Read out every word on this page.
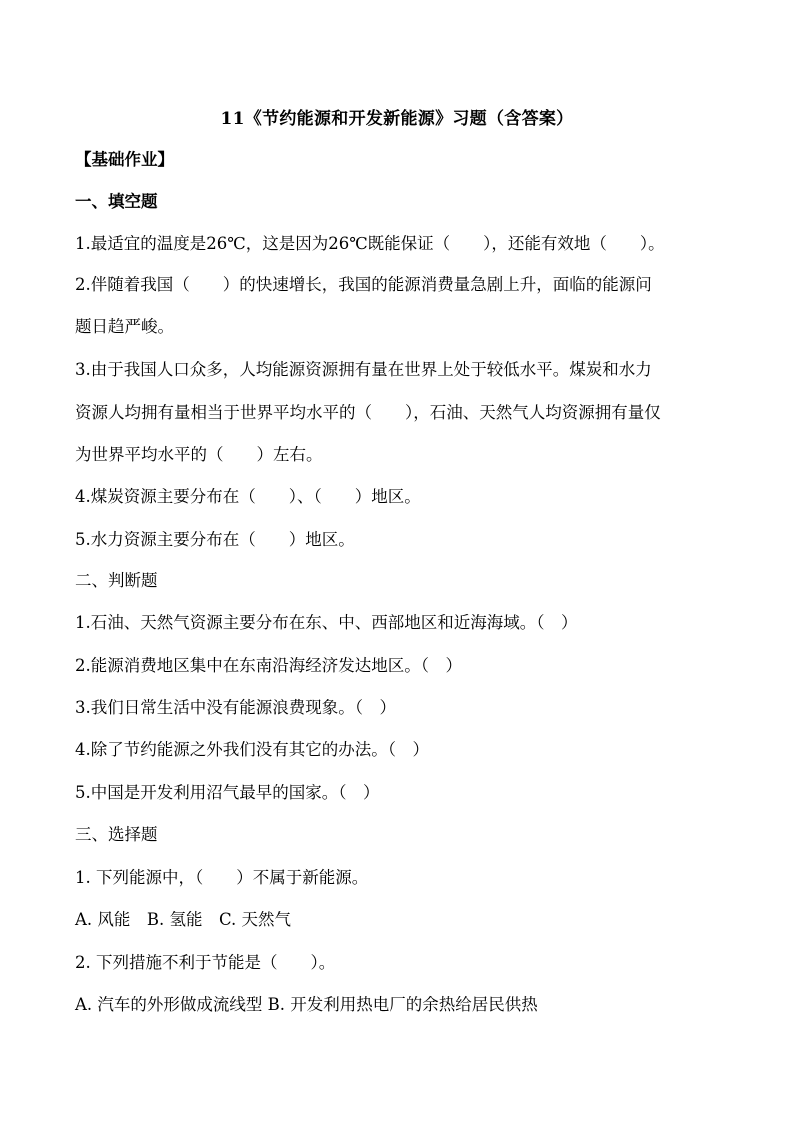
11《节约能源和开发新能源》习题（含答案）
【基础作业】
一、填空题
1.最适宜的温度是26℃，这是因为26℃既能保证（　　），还能有效地（　　）。
2.伴随着我国（　　）的快速增长，我国的能源消费量急剧上升，面临的能源问
题日趋严峻。
3.由于我国人口众多，人均能源资源拥有量在世界上处于较低水平。煤炭和水力
资源人均拥有量相当于世界平均水平的（　　），石油、天然气人均资源拥有量仅
为世界平均水平的（　　）左右。
4.煤炭资源主要分布在（　　）、（　　）地区。
5.水力资源主要分布在（　　）地区。
二、判断题
1.石油、天然气资源主要分布在东、中、西部地区和近海海域。（　）
2.能源消费地区集中在东南沿海经济发达地区。（　）
3.我们日常生活中没有能源浪费现象。（　）
4.除了节约能源之外我们没有其它的办法。（　）
5.中国是开发利用沼气最早的国家。（　）
三、选择题
1. 下列能源中，（　　）不属于新能源。
A. 风能　B. 氢能　C. 天然气
2. 下列措施不利于节能是（　　）。
A. 汽车的外形做成流线型 B. 开发利用热电厂的余热给居民供热
